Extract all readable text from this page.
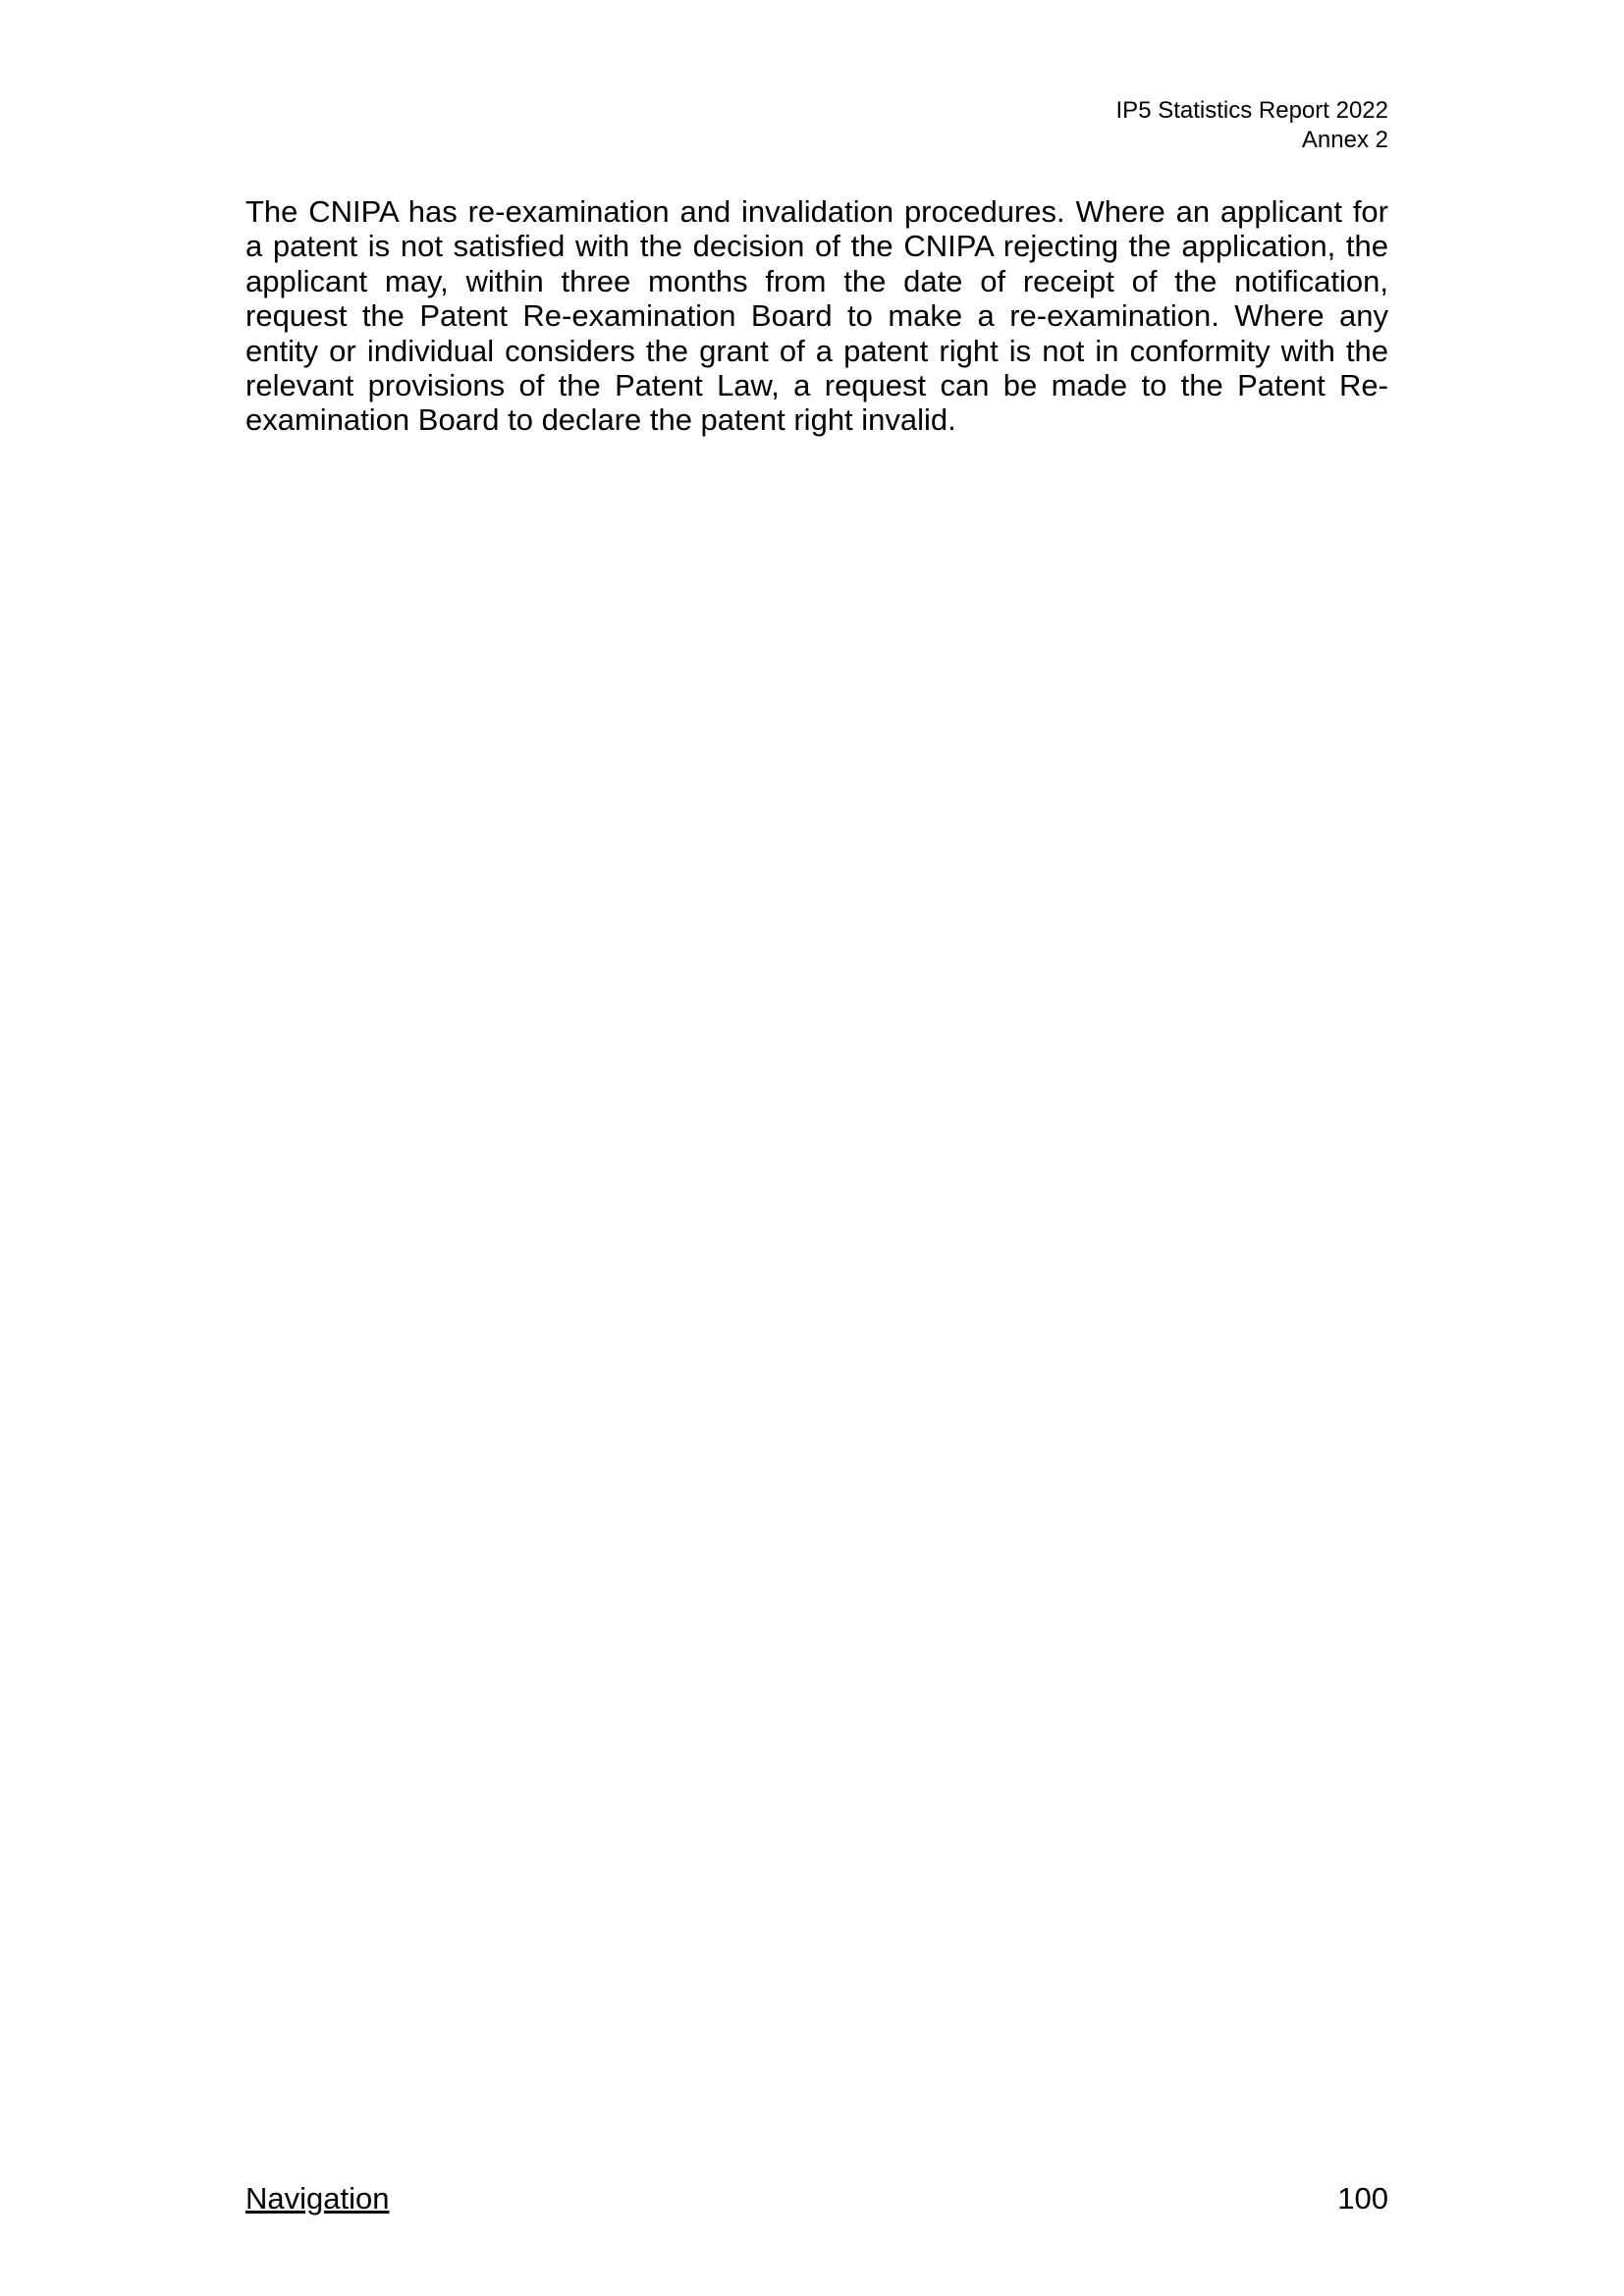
IP5 Statistics Report 2022
Annex 2

The CNIPA has re-examination and invalidation procedures. Where an applicant for a patent is not satisfied with the decision of the CNIPA rejecting the application, the applicant may, within three months from the date of receipt of the notification, request the Patent Re-examination Board to make a re-examination. Where any entity or individual considers the grant of a patent right is not in conformity with the relevant provisions of the Patent Law, a request can be made to the Patent Re-examination Board to declare the patent right invalid.

Navigation	100
